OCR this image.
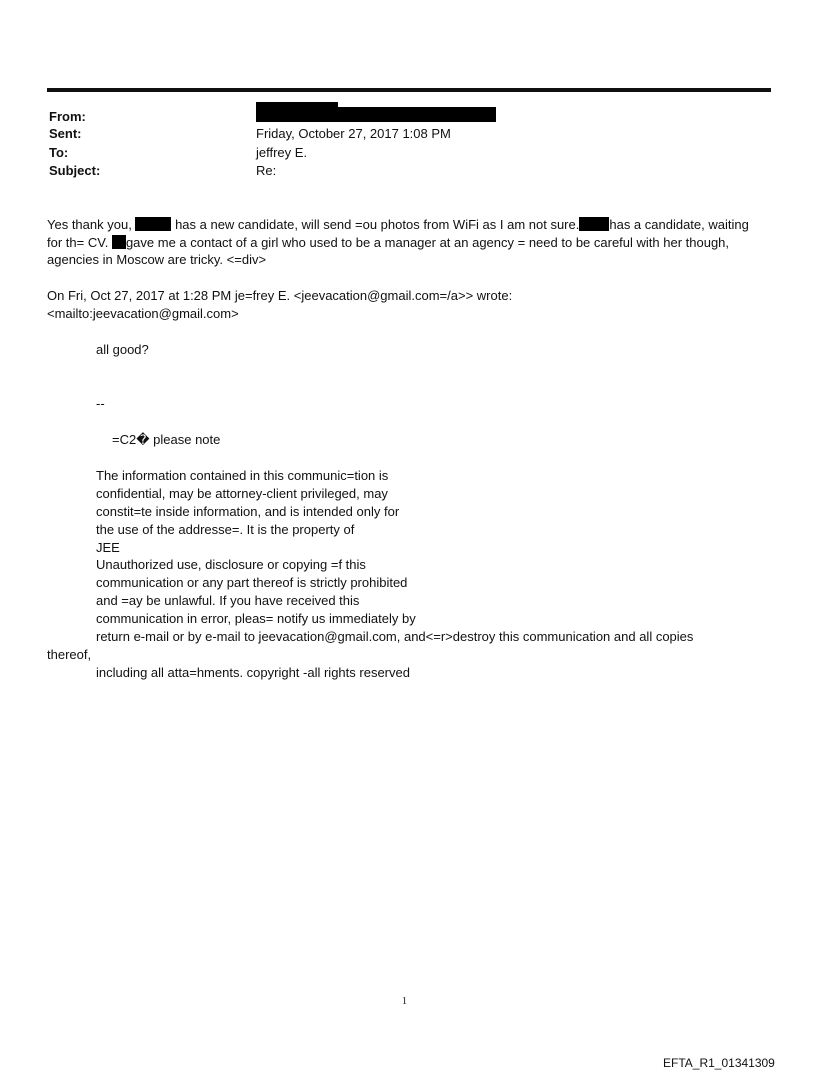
From:
Sent:	Friday, October 27, 2017 1:08 PM
To:	jeffrey E.
Subject:	Re:
Yes thank you,	has a new candidate, will send =ou photos from WiFi as I am not sure. has a candidate, waiting
for th= CV. gave me a contact of a girl who used to be a manager at an agency = need to be careful with her though,
agencies in Moscow are tricky. <=div>
On Fri, Oct 27, 2017 at 1:28 PM je=frey E. <jeevacation@gmail.com=/a>> wrote:
<mailto:jeevacation@gmail.com>
all good?
--
=C2� please note
The information contained in this communic=tion is
confidential, may be attorney-client privileged, may
constit=te inside information, and is intended only for
the use of the addresse=. It is the property of
JEE
Unauthorized use, disclosure or copying =f this
communication or any part thereof is strictly prohibited
and =ay be unlawful. If you have received this
communication in error, pleas= notify us immediately by
return e-mail or by e-mail to jeevacation@gmail.com, and<=r>destroy this communication and all copies
thereof,
including all atta=hments. copyright -all rights reserved
1
EFTA_R1_01341309
